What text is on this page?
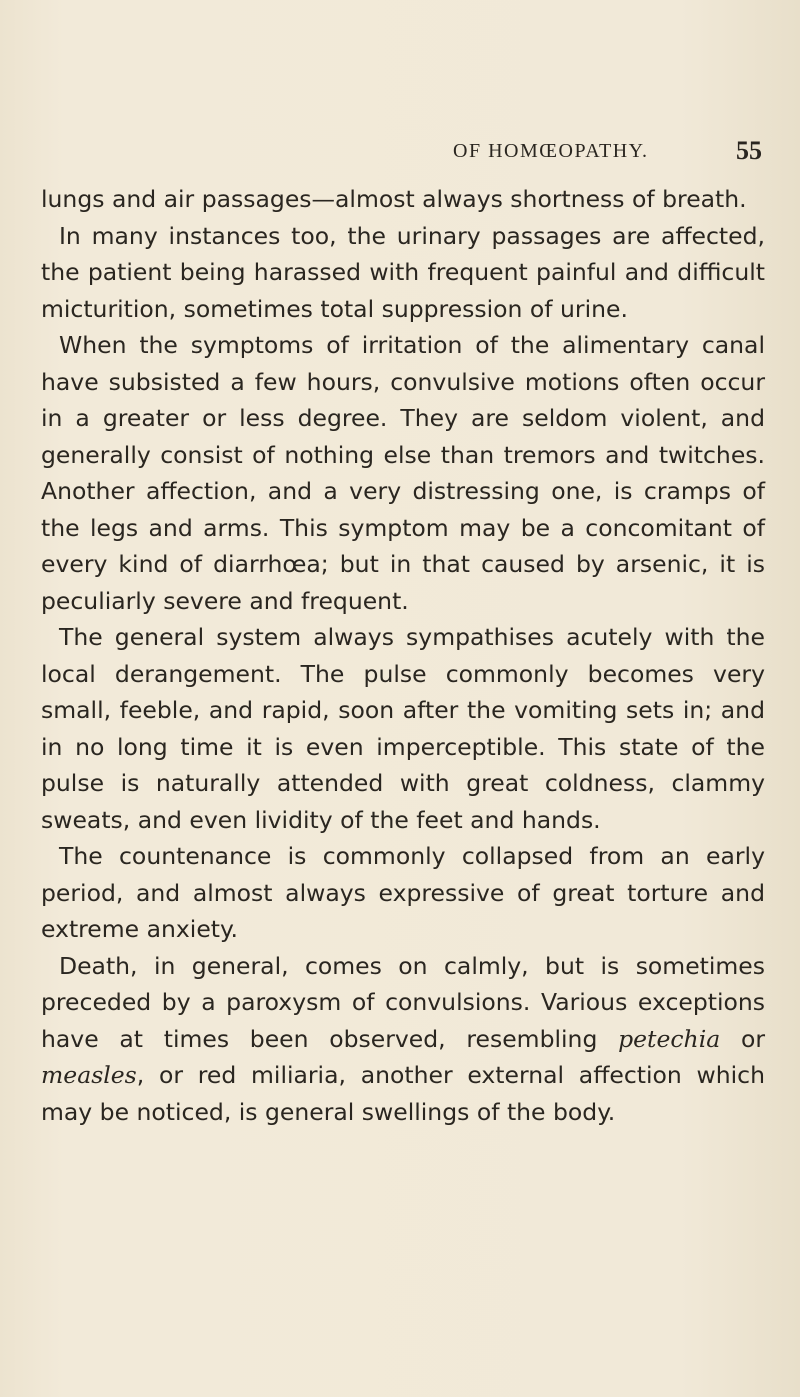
OF HOMŒOPATHY.	55

lungs and air passages—almost always shortness of breath.

In many instances too, the urinary passages are affected, the patient being harassed with frequent painful and difficult micturition, sometimes total suppression of urine.

When the symptoms of irritation of the alimentary canal have subsisted a few hours, convulsive motions often occur in a greater or less degree. They are seldom violent, and generally consist of nothing else than tremors and twitches. Another affection, and a very distressing one, is cramps of the legs and arms. This symptom may be a concomitant of every kind of diarrhœa; but in that caused by arsenic, it is peculiarly severe and frequent.

The general system always sympathises acutely with the local derangement. The pulse commonly becomes very small, feeble, and rapid, soon after the vomiting sets in; and in no long time it is even imperceptible. This state of the pulse is naturally attended with great coldness, clammy sweats, and even lividity of the feet and hands.

The countenance is commonly collapsed from an early period, and almost always expressive of great torture and extreme anxiety.

Death, in general, comes on calmly, but is sometimes preceded by a paroxysm of convulsions. Various exceptions have at times been observed, resembling petechia or measles, or red miliaria, another external affection which may be noticed, is general swellings of the body.
